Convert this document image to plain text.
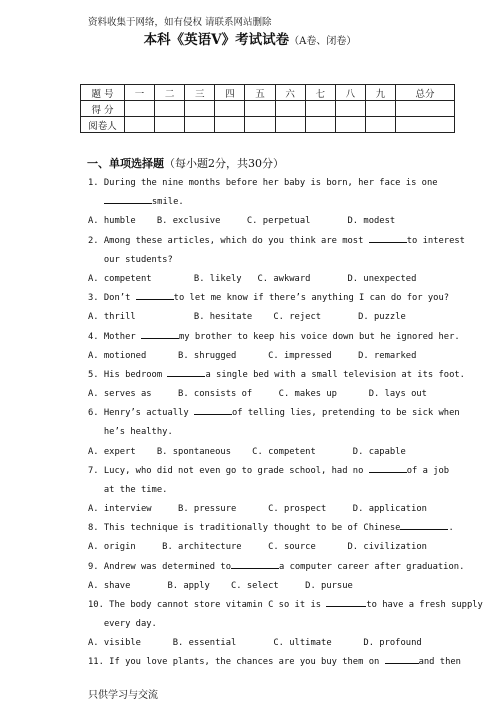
资料收集于网络，如有侵权 请联系网站删除
本科《英语Ⅴ》考试试卷（A卷、闭卷）
题 号	一	二	三	四	五	六	七	八	九	总分
得 分										
阅卷人										
一、单项选择题（每小题2分，共30分）
1. During the nine months before her baby is born, her face is one
smile.
A. humble    B. exclusive     C. perpetual       D. modest
2. Among these articles, which do you think are most	to interest
our students?
A. competent        B. likely   C. awkward       D. unexpected
3. Don’t	to let me know if there’s anything I can do for you?
A. thrill           B. hesitate    C. reject       D. puzzle
4. Mother	my brother to keep his voice down but he ignored her.
A. motioned      B. shrugged      C. impressed     D. remarked
5. His bedroom	a single bed with a small television at its foot.
A. serves as     B. consists of     C. makes up      D. lays out
6. Henry’s actually	of telling lies, pretending to be sick when
he’s healthy.
A. expert    B. spontaneous    C. competent       D. capable
7. Lucy, who did not even go to grade school, had no	of a job
at the time.
A. interview     B. pressure      C. prospect     D. application
8. This technique is traditionally thought to be of Chinese	.
A. origin     B. architecture     C. source      D. civilization
9. Andrew was determined to	a computer career after graduation.
A. shave       B. apply    C. select     D. pursue
10. The body cannot store vitamin C so it is	to have a fresh supply
every day.
A. visible      B. essential       C. ultimate      D. profound
11. If you love plants, the chances are you buy them on	and then
只供学习与交流
